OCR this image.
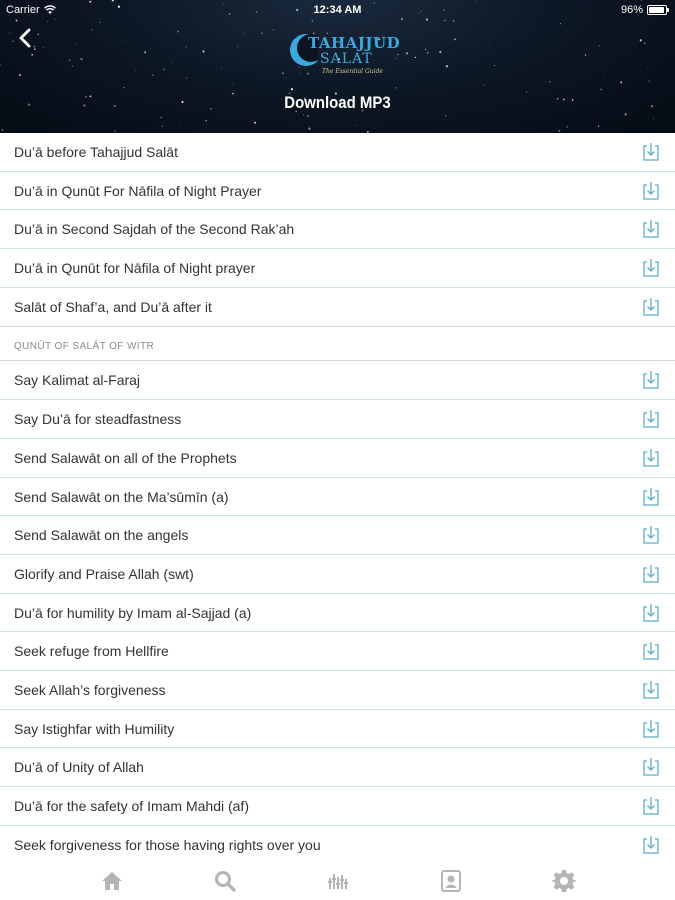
Carrier	12:34 AM	96%
TAHAJJUD
SALAT
The Essential Guide
Download MP3
Du’ā before Tahajjud Salāt
Du’ā in Qunūt For Nāfila of Night Prayer
Du’ā in Second Sajdah of the Second Rak’ah
Du’ā in Qunūt for Nāfila of Night prayer
Salāt of Shaf’a, and Du’ā after it
QUNŪT OF SALĀT OF WITR
Say Kalimat al-Faraj
Say Du’ā for steadfastness
Send Salawāt on all of the Prophets
Send Salawāt on the Ma’sūmīn (a)
Send Salawāt on the angels
Glorify and Praise Allah (swt)
Du’ā for humility by Imam al-Sajjad (a)
Seek refuge from Hellfire
Seek Allah’s forgiveness
Say Istighfar with Humility
Du’ā of Unity of Allah
Du’ā for the safety of Imam Mahdi (af)
Seek forgiveness for those having rights over you
